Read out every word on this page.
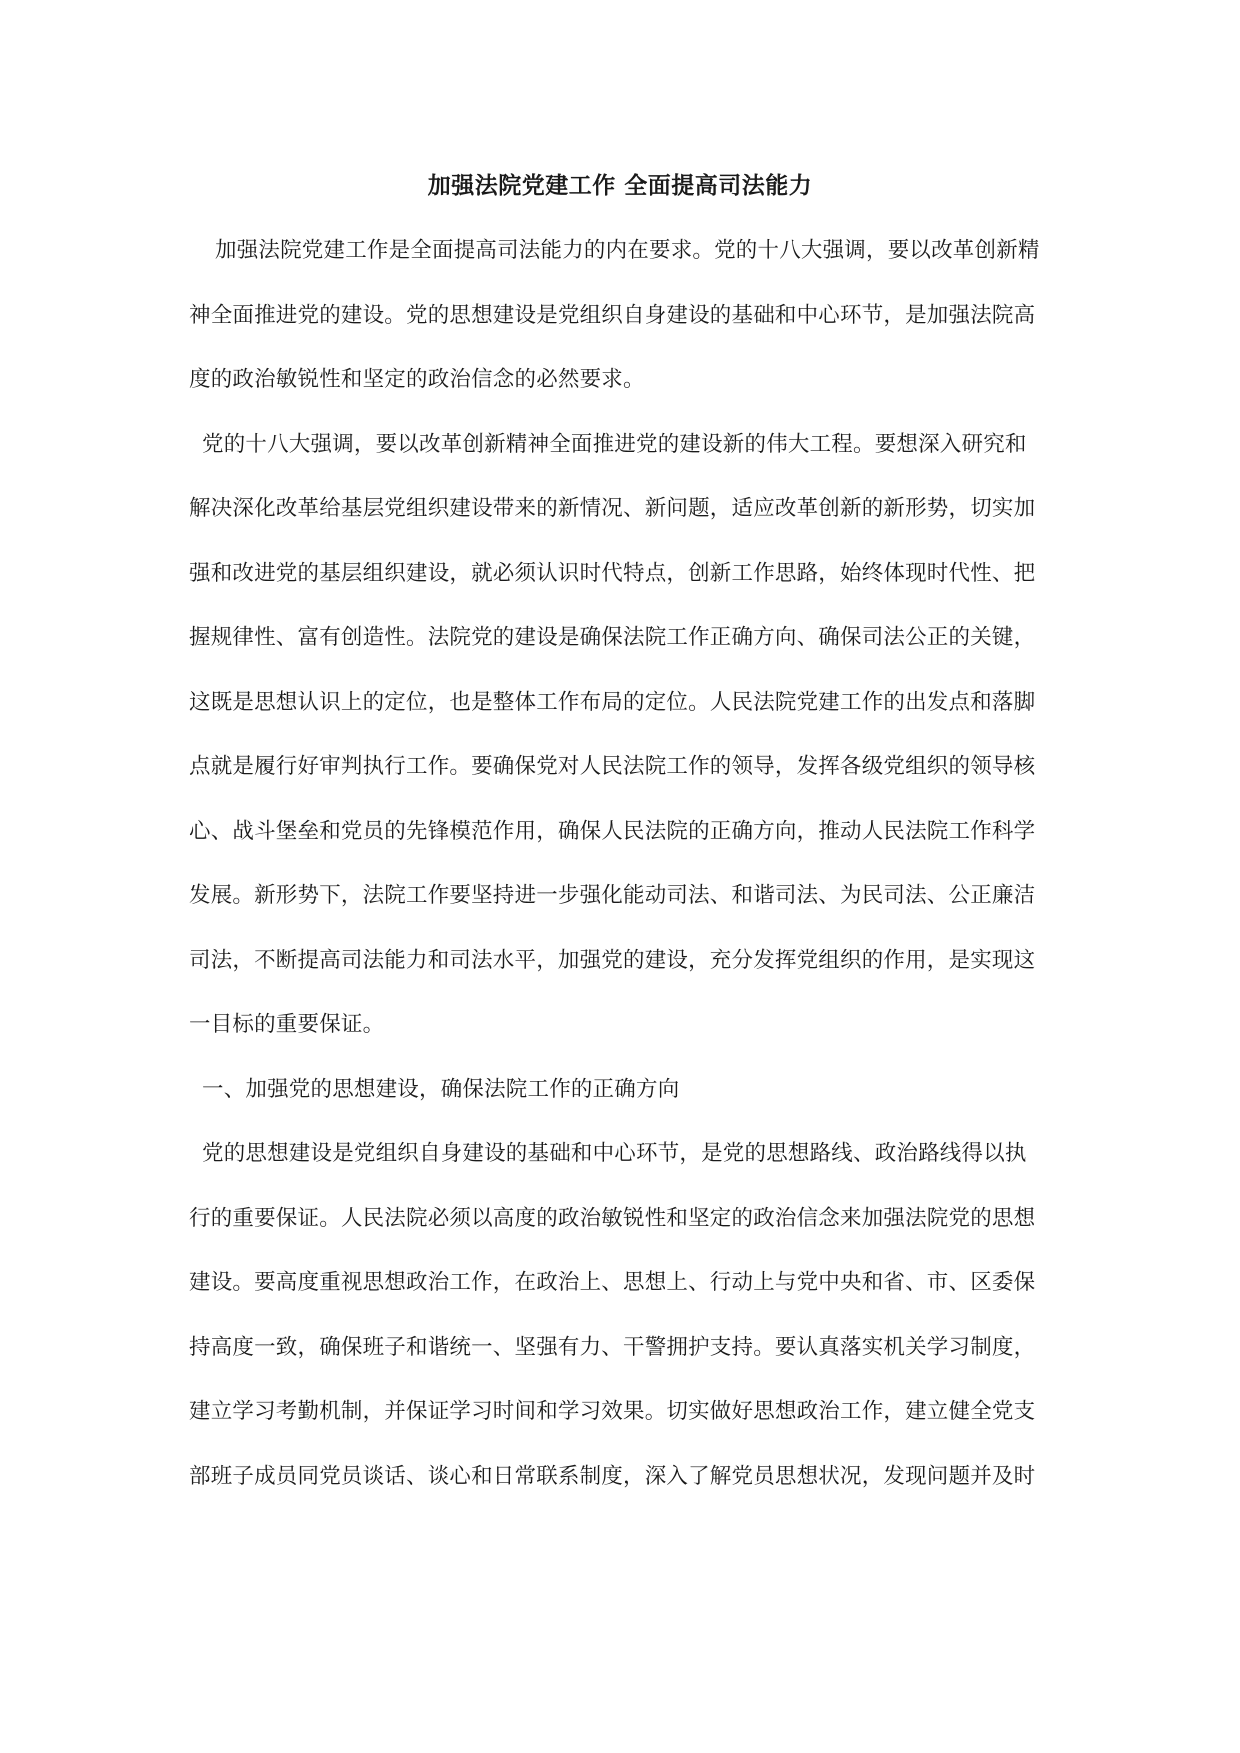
加强法院党建工作 全面提高司法能力
加强法院党建工作是全面提高司法能力的内在要求。党的十八大强调，要以改革创新精
神全面推进党的建设。党的思想建设是党组织自身建设的基础和中心环节，是加强法院高
度的政治敏锐性和坚定的政治信念的必然要求。
党的十八大强调，要以改革创新精神全面推进党的建设新的伟大工程。要想深入研究和
解决深化改革给基层党组织建设带来的新情况、新问题，适应改革创新的新形势，切实加
强和改进党的基层组织建设，就必须认识时代特点，创新工作思路，始终体现时代性、把
握规律性、富有创造性。法院党的建设是确保法院工作正确方向、确保司法公正的关键，
这既是思想认识上的定位，也是整体工作布局的定位。人民法院党建工作的出发点和落脚
点就是履行好审判执行工作。要确保党对人民法院工作的领导，发挥各级党组织的领导核
心、战斗堡垒和党员的先锋模范作用，确保人民法院的正确方向，推动人民法院工作科学
发展。新形势下，法院工作要坚持进一步强化能动司法、和谐司法、为民司法、公正廉洁
司法，不断提高司法能力和司法水平，加强党的建设，充分发挥党组织的作用，是实现这
一目标的重要保证。
一、加强党的思想建设，确保法院工作的正确方向
党的思想建设是党组织自身建设的基础和中心环节，是党的思想路线、政治路线得以执
行的重要保证。人民法院必须以高度的政治敏锐性和坚定的政治信念来加强法院党的思想
建设。要高度重视思想政治工作，在政治上、思想上、行动上与党中央和省、市、区委保
持高度一致，确保班子和谐统一、坚强有力、干警拥护支持。要认真落实机关学习制度，
建立学习考勤机制，并保证学习时间和学习效果。切实做好思想政治工作，建立健全党支
部班子成员同党员谈话、谈心和日常联系制度，深入了解党员思想状况，发现问题并及时
